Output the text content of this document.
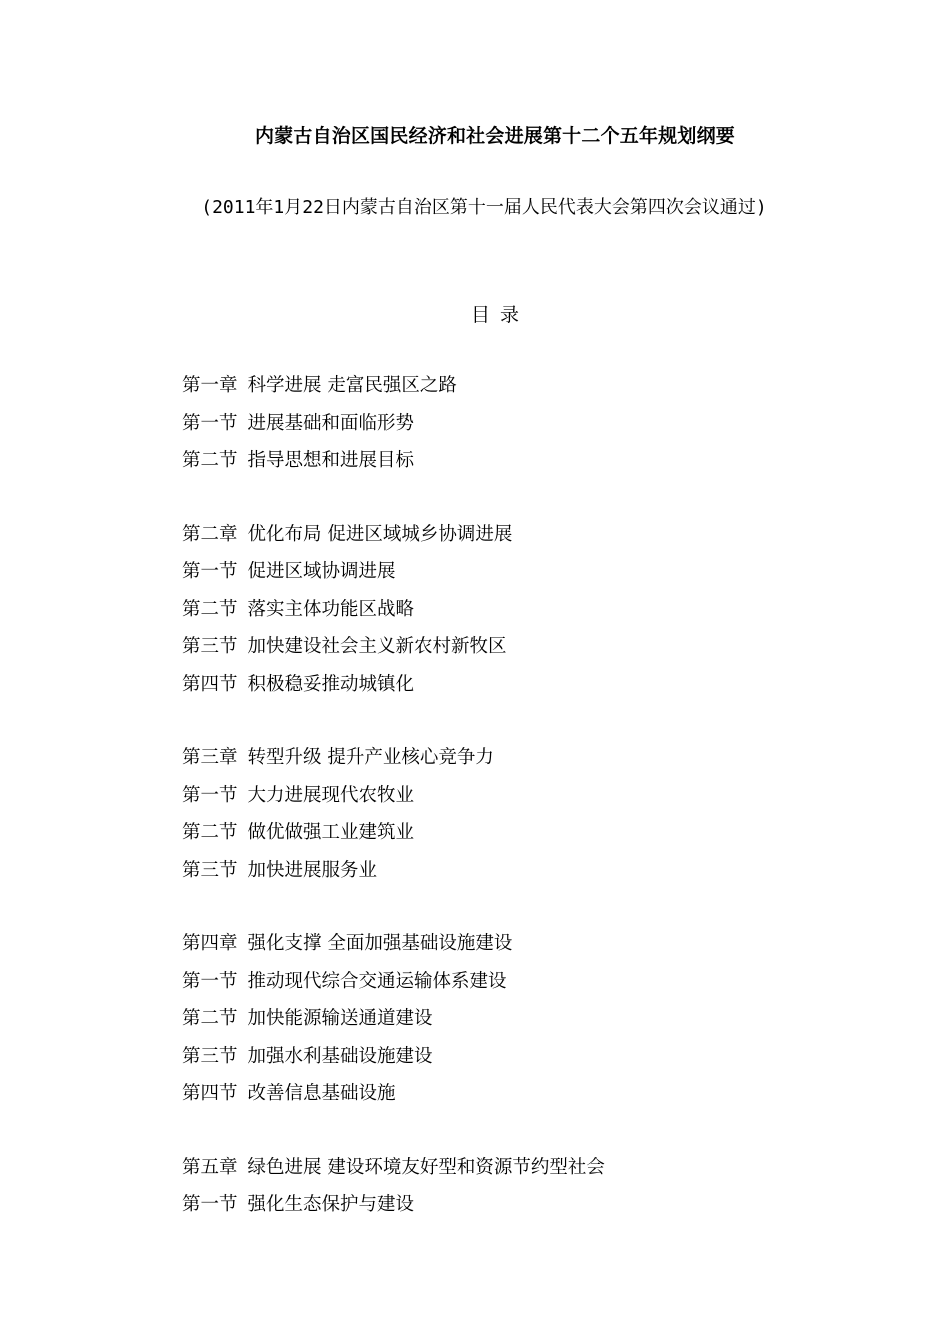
内蒙古自治区国民经济和社会进展第十二个五年规划纲要
(2011年1月22日内蒙古自治区第十一届人民代表大会第四次会议通过)
目 录
第一章 科学进展 走富民强区之路
第一节 进展基础和面临形势
第二节 指导思想和进展目标
第二章 优化布局 促进区域城乡协调进展
第一节 促进区域协调进展
第二节 落实主体功能区战略
第三节 加快建设社会主义新农村新牧区
第四节 积极稳妥推动城镇化
第三章 转型升级 提升产业核心竞争力
第一节 大力进展现代农牧业
第二节 做优做强工业建筑业
第三节 加快进展服务业
第四章 强化支撑 全面加强基础设施建设
第一节 推动现代综合交通运输体系建设
第二节 加快能源输送通道建设
第三节 加强水利基础设施建设
第四节 改善信息基础设施
第五章 绿色进展 建设环境友好型和资源节约型社会
第一节 强化生态保护与建设
